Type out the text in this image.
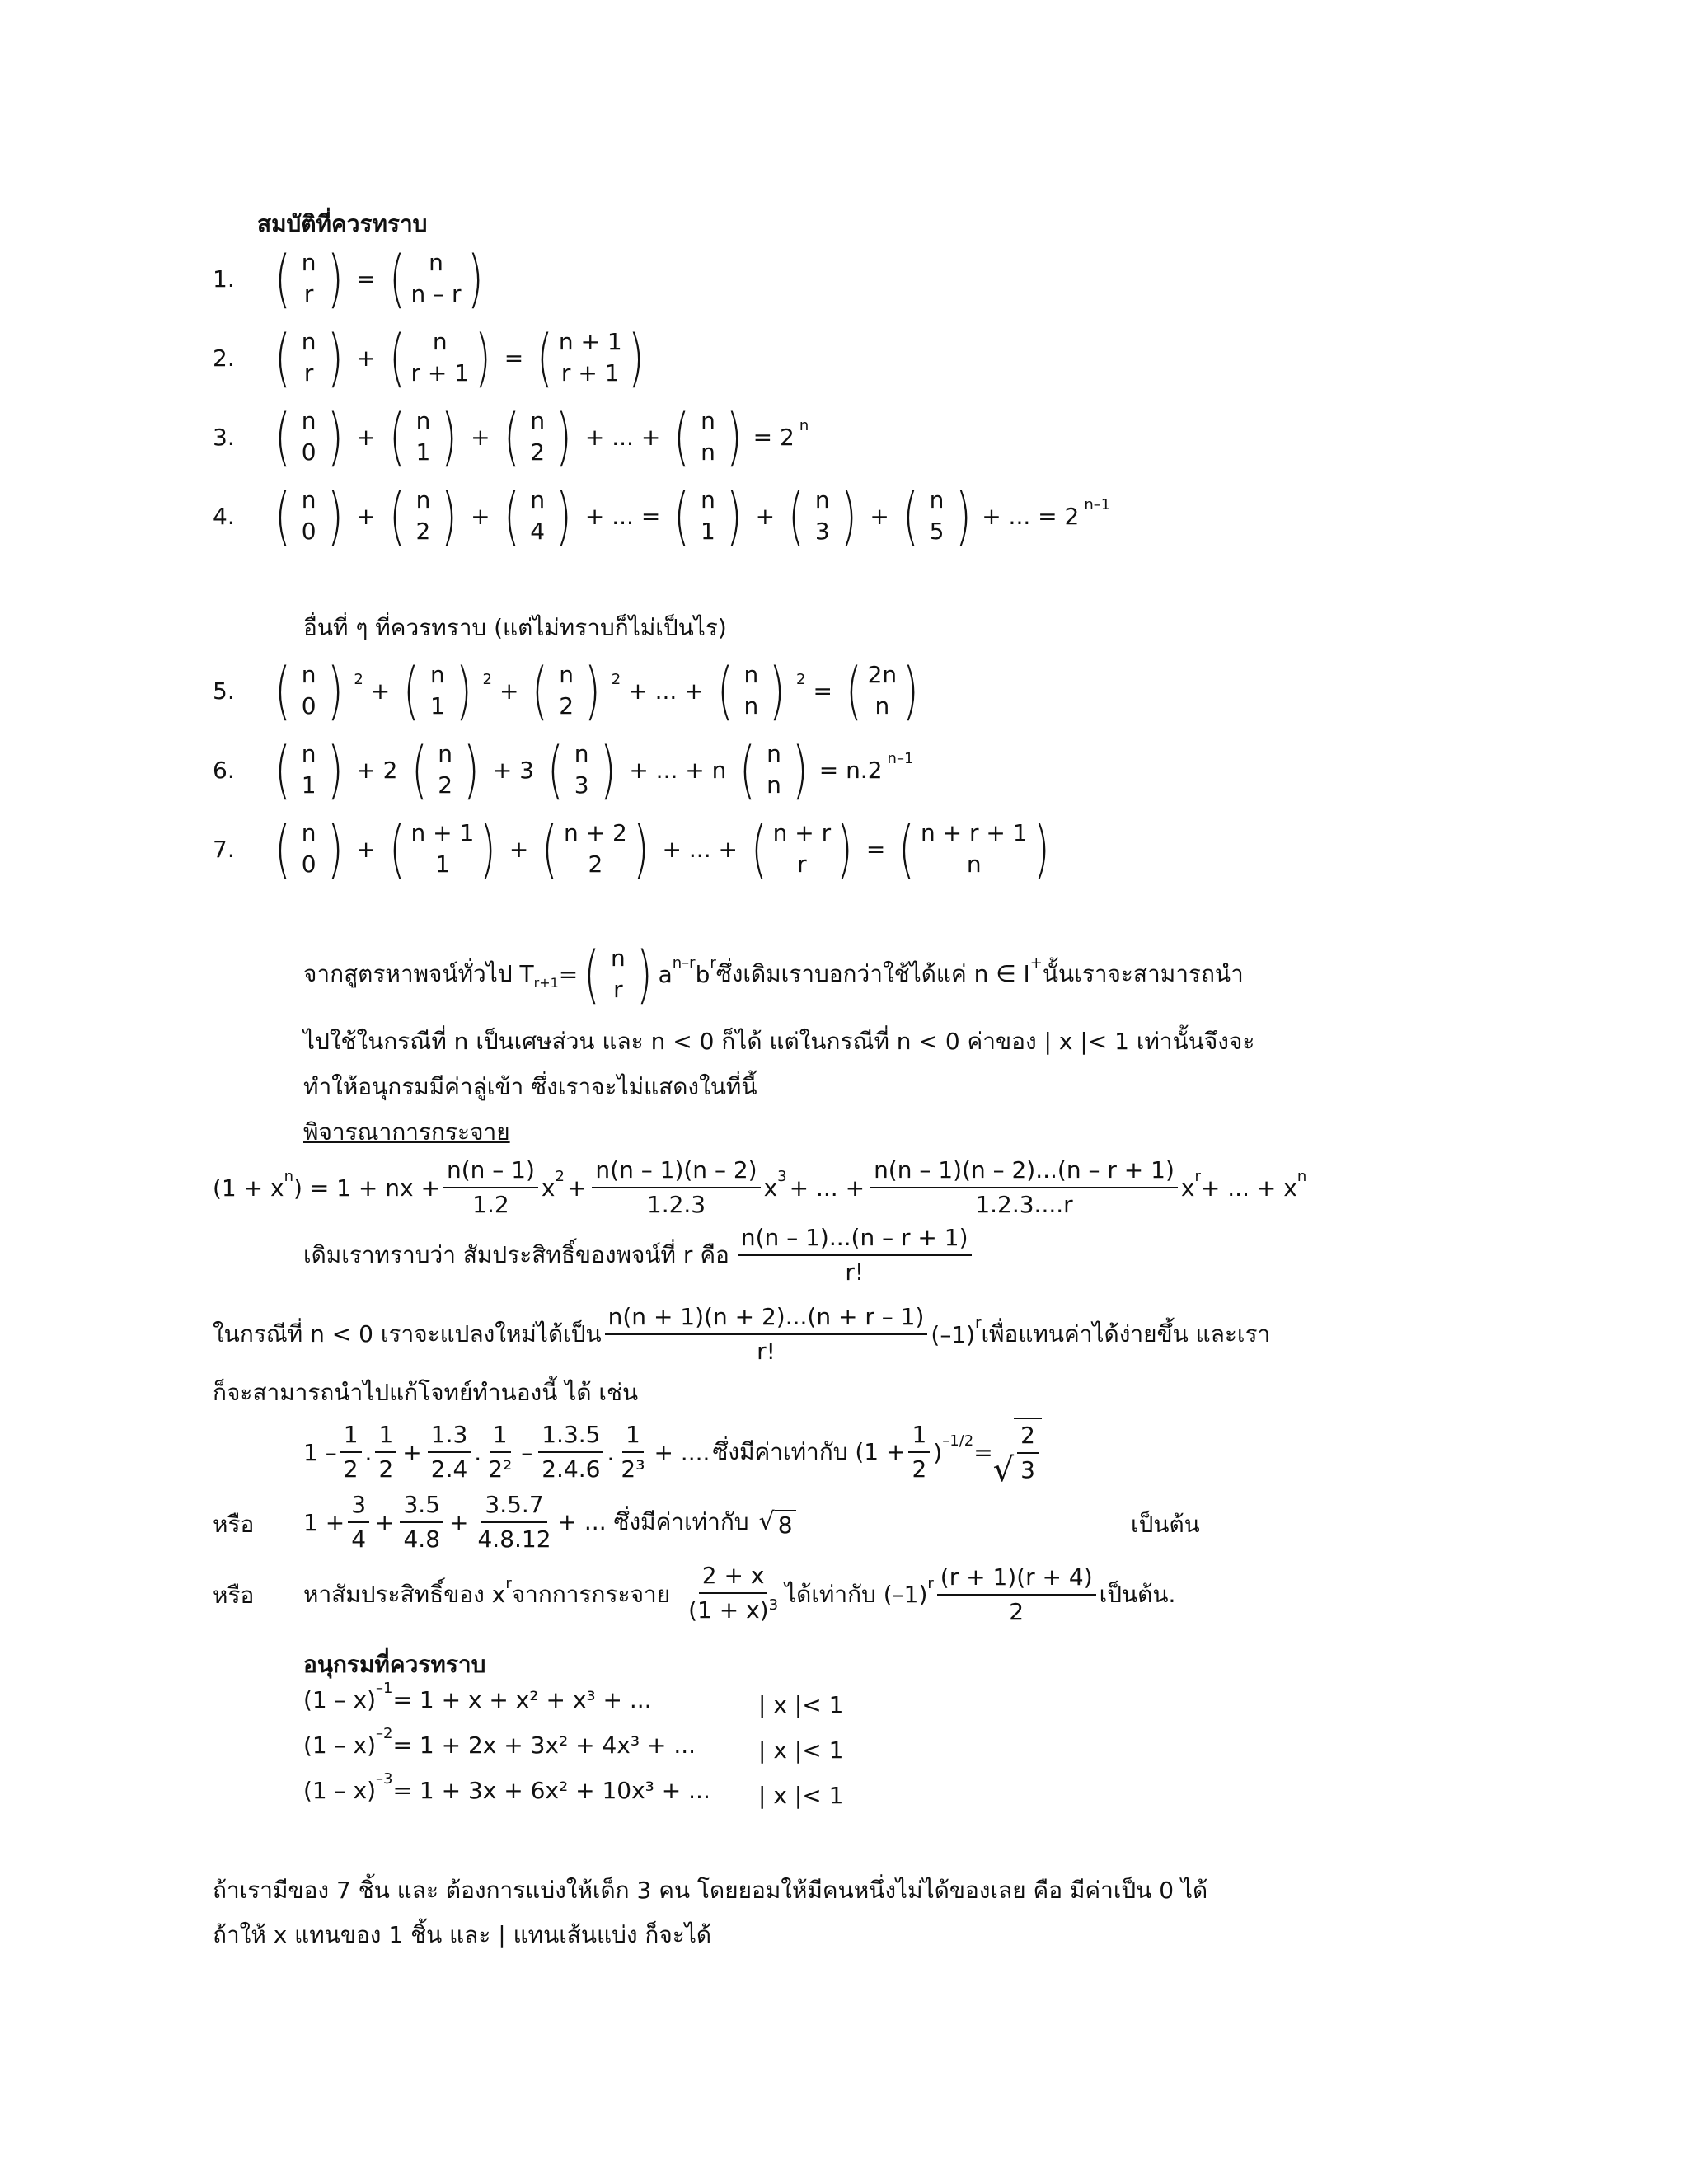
สมบัติที่ควรทราบ
1. ( n
r ) = ( n
n – r )
2. ( n
r ) + ( n
r + 1 ) = ( n + 1
r + 1 )
3. ( n
0 ) + ( n
1 ) + ( n
2 ) + ... + ( n
n ) = 2 n
4. ( n
0 ) + ( n
2 ) + ( n
4 ) + ... = ( n
1 ) + ( n
3 ) + ( n
5 ) + ... = 2 n–1
อื่นที่ ๆ ที่ควรทราบ (แต่ไม่ทราบก็ไม่เป็นไร)
5. ( n
0 ) 2 + ( n
1 ) 2 + ( n
2 ) 2 + ... + ( n
n ) 2 = ( 2n
n )
6. ( n
1 ) + 2 ( n
2 ) + 3 ( n
3 ) + ... + n ( n
n ) = n.2 n–1
7. ( n
0 ) + ( n + 1
1 ) + ( n + 2
2 ) + ... + ( n + r
r ) = ( n + r + 1
n )
จากสูตรหาพจน์ทั่วไป T r+1 = ( n
r ) a n–r b r ซึ่งเดิมเราบอกว่าใช้ได้แค่ n ∈ I + นั้นเราจะสามารถนำ
ไปใช้ในกรณีที่ n เป็นเศษส่วน และ n < 0 ก็ได้ แต่ในกรณีที่ n < 0 ค่าของ | x |< 1 เท่านั้นจึงจะ
ทำให้อนุกรมมีค่าลู่เข้า ซึ่งเราจะไม่แสดงในที่นี้
พิจารณาการกระจาย
(1 + x n ) = 1 + nx + $\frac{n(n - 1)}{1.2}$ x $2 + \frac{n(n - 1)(n - 2)}{1.2.3}$ x 3 + ... + $\frac{n(n - 1)(n - 2)...(n - r + 1)}{1.2.3....r}$ x r + ... + x n
เดิมเราทราบว่า สัมประสิทธิ์ของพจน์ที่ r คือ $\frac{n(n - 1)...(n - r + 1)}{r!}$
ในกรณีที่ n < 0 เราจะแปลงใหม่ได้เป็น $\frac{n(n + 1)(n + 2)...(n + r - 1)}{r!} (-1)$ r เพื่อแทนค่าได้ง่ายขึ้น และเรา
ก็จะสามารถนำไปแก้โจทย์ทำนองนี้ ได้ เช่น
$1 - \frac{1}{2}$ . $\frac{1}{2} + \frac{1.3}{2.4}$ . $\frac{1}{\text{2²}} - \frac{1.3.5}{2.4.6}$ . $\frac{1}{\text{2³}}$ + .... ซึ่งมีค่าเท่ากับ ($1 + \frac{1}{2}$ ) –1/2 = √ $\frac{2}{3}$
หรือ $1 + \frac{3}{4} + \frac{3.5}{4.8} + \frac{3.5.7}{4.8.12}$ + ... ซึ่งมีค่าเท่ากับ √ 8	เป็นต้น
หรือ หาสัมประสิทธิ์ของ x r จากการกระจาย $\frac{2 + x}{(1 + x)^3}$ ได้เท่ากับ (–1) r $\frac{(r + 1)(r + 4)}{2}$ เป็นต้น.
อนุกรมที่ควรทราบ
(1 – x) –1 = 1 + x + x² + x³ + ...	| x |< 1
(1 – x) –2 = 1 + 2x + 3x² + 4x³ + ...	| x |< 1
(1 – x) –3 = 1 + 3x + 6x² + 10x³ + ... | x |< 1
ถ้าเรามีของ 7 ชิ้น และ ต้องการแบ่งให้เด็ก 3 คน โดยยอมให้มีคนหนึ่งไม่ได้ของเลย คือ มีค่าเป็น 0 ได้
ถ้าให้ x แทนของ 1 ชิ้น และ | แทนเส้นแบ่ง ก็จะได้
